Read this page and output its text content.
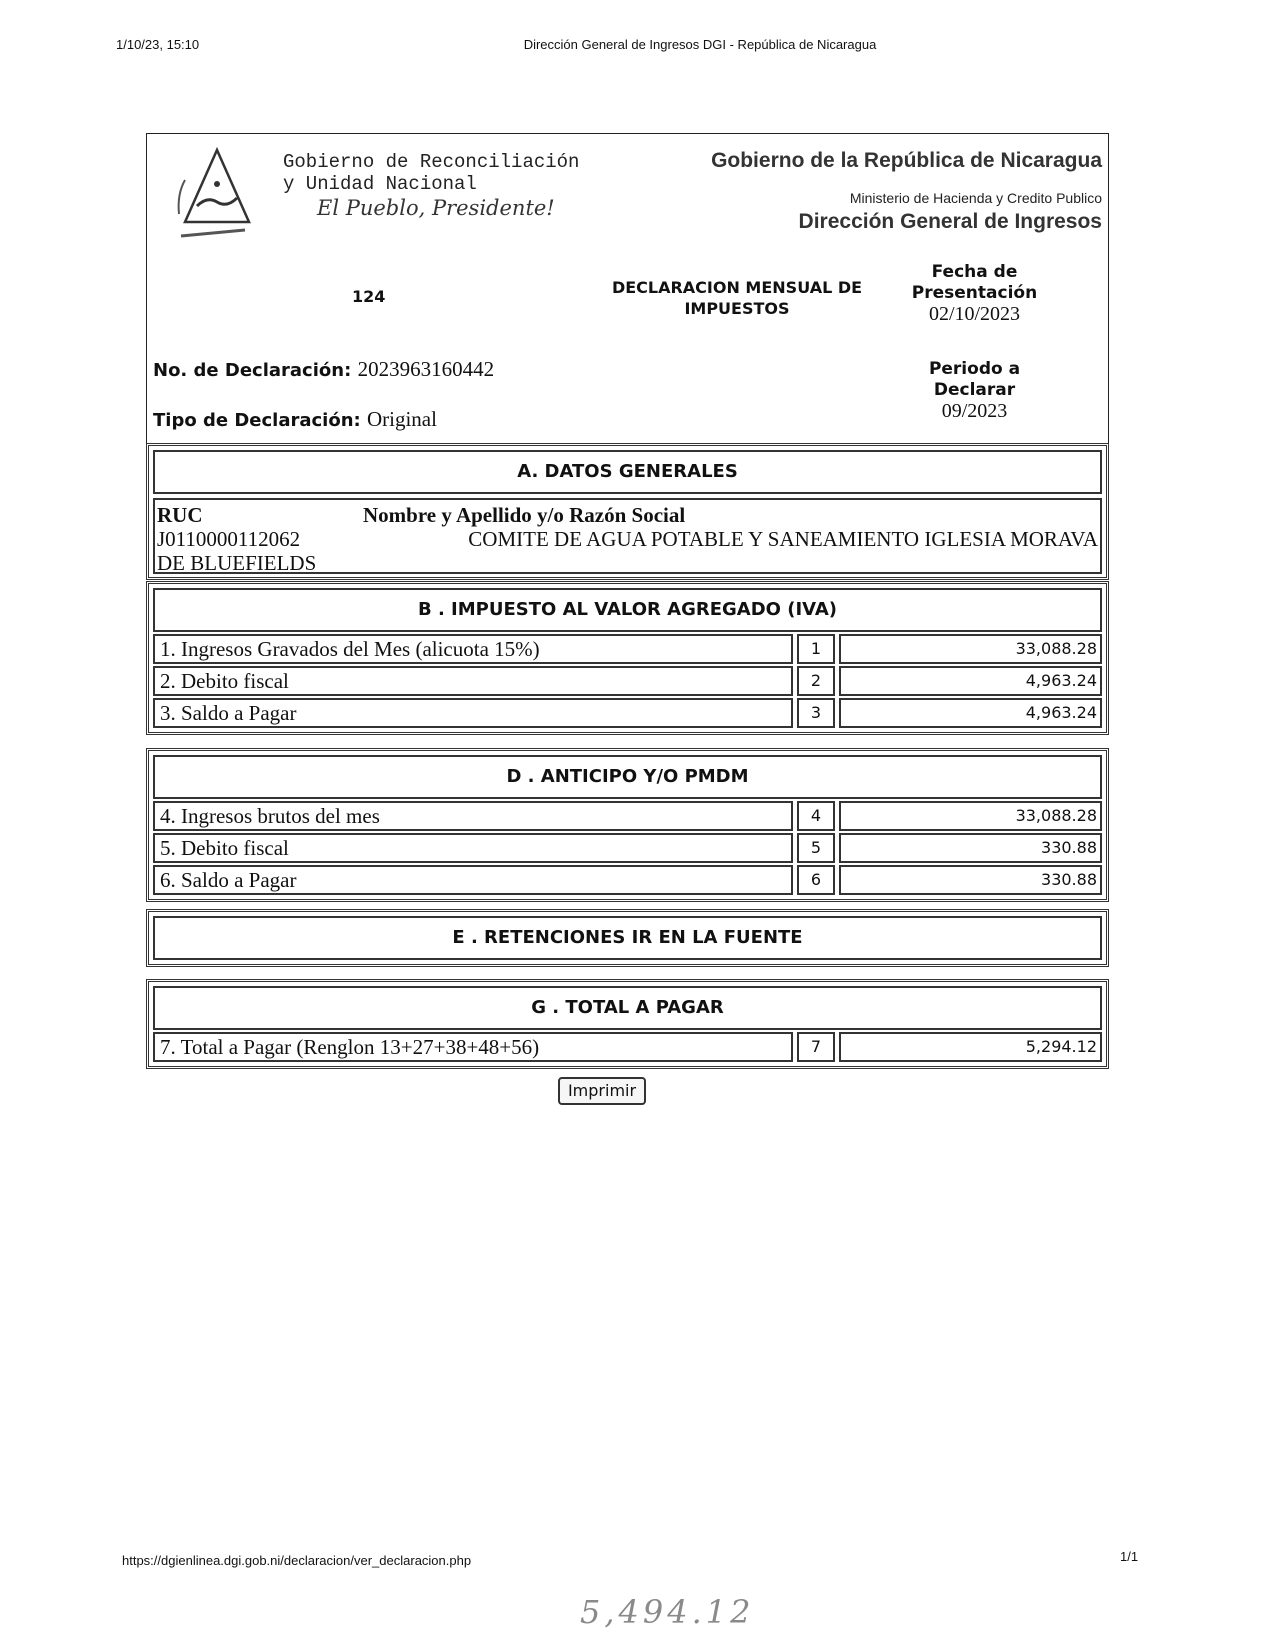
1/10/23, 15:10	Dirección General de Ingresos DGI - República de Nicaragua
Gobierno de Reconciliación
y Unidad Nacional
El Pueblo, Presidente!
Gobierno de la República de Nicaragua
Ministerio de Hacienda y Credito Publico
Dirección General de Ingresos
124	DECLARACION MENSUAL DE
IMPUESTOS
Fecha de
Presentación
02/10/2023
No. de Declaración: 2023963160442
Tipo de Declaración: Original
Periodo a
Declarar
09/2023
A. DATOS GENERALES
RUC	Nombre y Apellido y/o Razón Social
J0110000112062	COMITE DE AGUA POTABLE Y SANEAMIENTO IGLESIA MORAVA
DE BLUEFIELDS
B . IMPUESTO AL VALOR AGREGADO (IVA)
1. Ingresos Gravados del Mes (alicuota 15%)	1	33,088.28
2. Debito fiscal	2	4,963.24
3. Saldo a Pagar	3	4,963.24
D . ANTICIPO Y/O PMDM
4. Ingresos brutos del mes	4	33,088.28
5. Debito fiscal	5	330.88
6. Saldo a Pagar	6	330.88
E . RETENCIONES IR EN LA FUENTE
G . TOTAL A PAGAR
7. Total a Pagar (Renglon 13+27+38+48+56)	7	5,294.12
Imprimir
https://dgienlinea.dgi.gob.ni/declaracion/ver_declaracion.php	1/1
5,494.12
